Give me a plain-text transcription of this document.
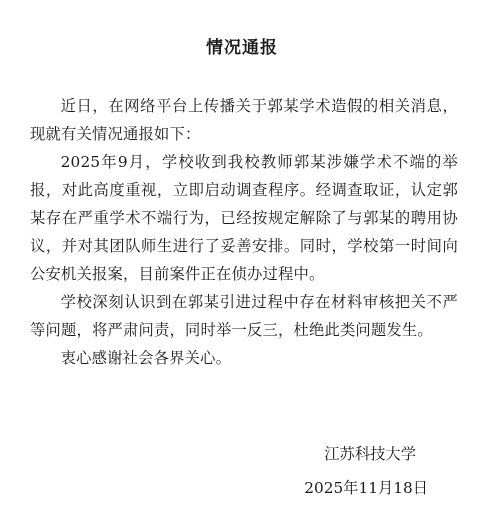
情况通报

近日，在网络平台上传播关于郭某学术造假的相关消息，现就有关情况通报如下：

2025年9月，学校收到我校教师郭某涉嫌学术不端的举报，对此高度重视，立即启动调查程序。经调查取证，认定郭某存在严重学术不端行为，已经按规定解除了与郭某的聘用协议，并对其团队师生进行了妥善安排。同时，学校第一时间向公安机关报案，目前案件正在侦办过程中。

学校深刻认识到在郭某引进过程中存在材料审核把关不严等问题，将严肃问责，同时举一反三，杜绝此类问题发生。

衷心感谢社会各界关心。

江苏科技大学
2025年11月18日
